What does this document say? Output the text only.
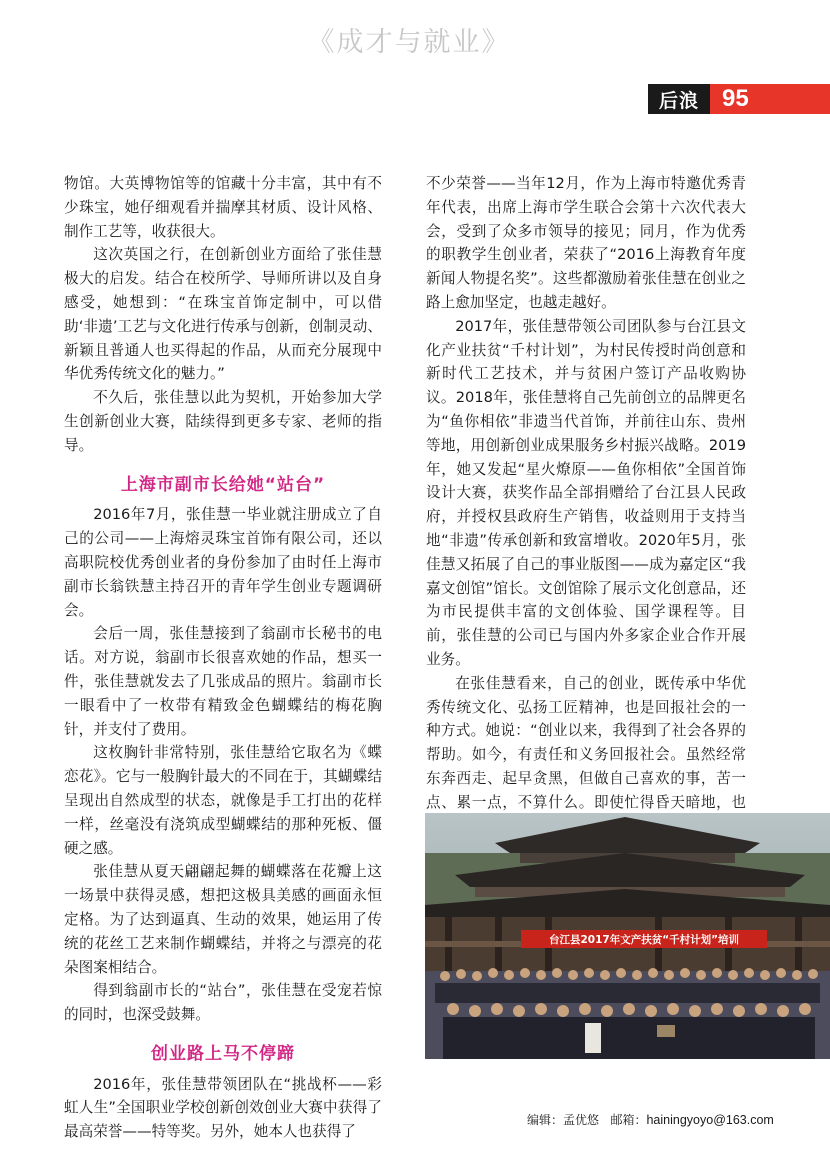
《成才与就业》
后浪 95

物馆。大英博物馆等的馆藏十分丰富，其中有不少珠宝，她仔细观看并揣摩其材质、设计风格、制作工艺等，收获很大。

这次英国之行，在创新创业方面给了张佳慧极大的启发。结合在校所学、导师所讲以及自身感受，她想到：“在珠宝首饰定制中，可以借助‘非遗’工艺与文化进行传承与创新，创制灵动、新颖且普通人也买得起的作品，从而充分展现中华优秀传统文化的魅力。”

不久后，张佳慧以此为契机，开始参加大学生创新创业大赛，陆续得到更多专家、老师的指导。

上海市副市长给她“站台”

2016年7月，张佳慧一毕业就注册成立了自己的公司——上海熔灵珠宝首饰有限公司，还以高职院校优秀创业者的身份参加了由时任上海市副市长翁铁慧主持召开的青年学生创业专题调研会。

会后一周，张佳慧接到了翁副市长秘书的电话。对方说，翁副市长很喜欢她的作品，想买一件，张佳慧就发去了几张成品的照片。翁副市长一眼看中了一枚带有精致金色蝴蝶结的梅花胸针，并支付了费用。

这枚胸针非常特别，张佳慧给它取名为《蝶恋花》。它与一般胸针最大的不同在于，其蝴蝶结呈现出自然成型的状态，就像是手工打出的花样一样，丝毫没有浇筑成型蝴蝶结的那种死板、僵硬之感。

张佳慧从夏天翩翩起舞的蝴蝶落在花瓣上这一场景中获得灵感，想把这极具美感的画面永恒定格。为了达到逼真、生动的效果，她运用了传统的花丝工艺来制作蝴蝶结，并将之与漂亮的花朵图案相结合。

得到翁副市长的“站台”，张佳慧在受宠若惊的同时，也深受鼓舞。

创业路上马不停蹄

2016年，张佳慧带领团队在“挑战杯——彩虹人生”全国职业学校创新创效创业大赛中获得了最高荣誉——特等奖。另外，她本人也获得了

不少荣誉——当年12月，作为上海市特邀优秀青年代表，出席上海市学生联合会第十六次代表大会，受到了众多市领导的接见；同月，作为优秀的职教学生创业者，荣获了“2016上海教育年度新闻人物提名奖”。这些都激励着张佳慧在创业之路上愈加坚定，也越走越好。

2017年，张佳慧带领公司团队参与台江县文化产业扶贫“千村计划”，为村民传授时尚创意和新时代工艺技术，并与贫困户签订产品收购协议。2018年，张佳慧将自己先前创立的品牌更名为“鱼你相依”非遗当代首饰，并前往山东、贵州等地，用创新创业成果服务乡村振兴战略。2019年，她又发起“星火燎原——鱼你相依”全国首饰设计大赛，获奖作品全部捐赠给了台江县人民政府，并授权县政府生产销售，收益则用于支持当地“非遗”传承创新和致富增收。2020年5月，张佳慧又拓展了自己的事业版图——成为嘉定区“我嘉文创馆”馆长。文创馆除了展示文化创意品，还为市民提供丰富的文创体验、国学课程等。目前，张佳慧的公司已与国内外多家企业合作开展业务。

在张佳慧看来，自己的创业，既传承中华优秀传统文化、弘扬工匠精神，也是回报社会的一种方式。她说：“创业以来，我得到了社会各界的帮助。如今，有责任和义务回报社会。虽然经常东奔西走、起早贪黑，但做自己喜欢的事，苦一点、累一点，不算什么。即使忙得昏天暗地，也

台江县2017年文产扶贫“千村计划”培训
编辑：孟优悠 邮箱：hainingyoyo@163.com
